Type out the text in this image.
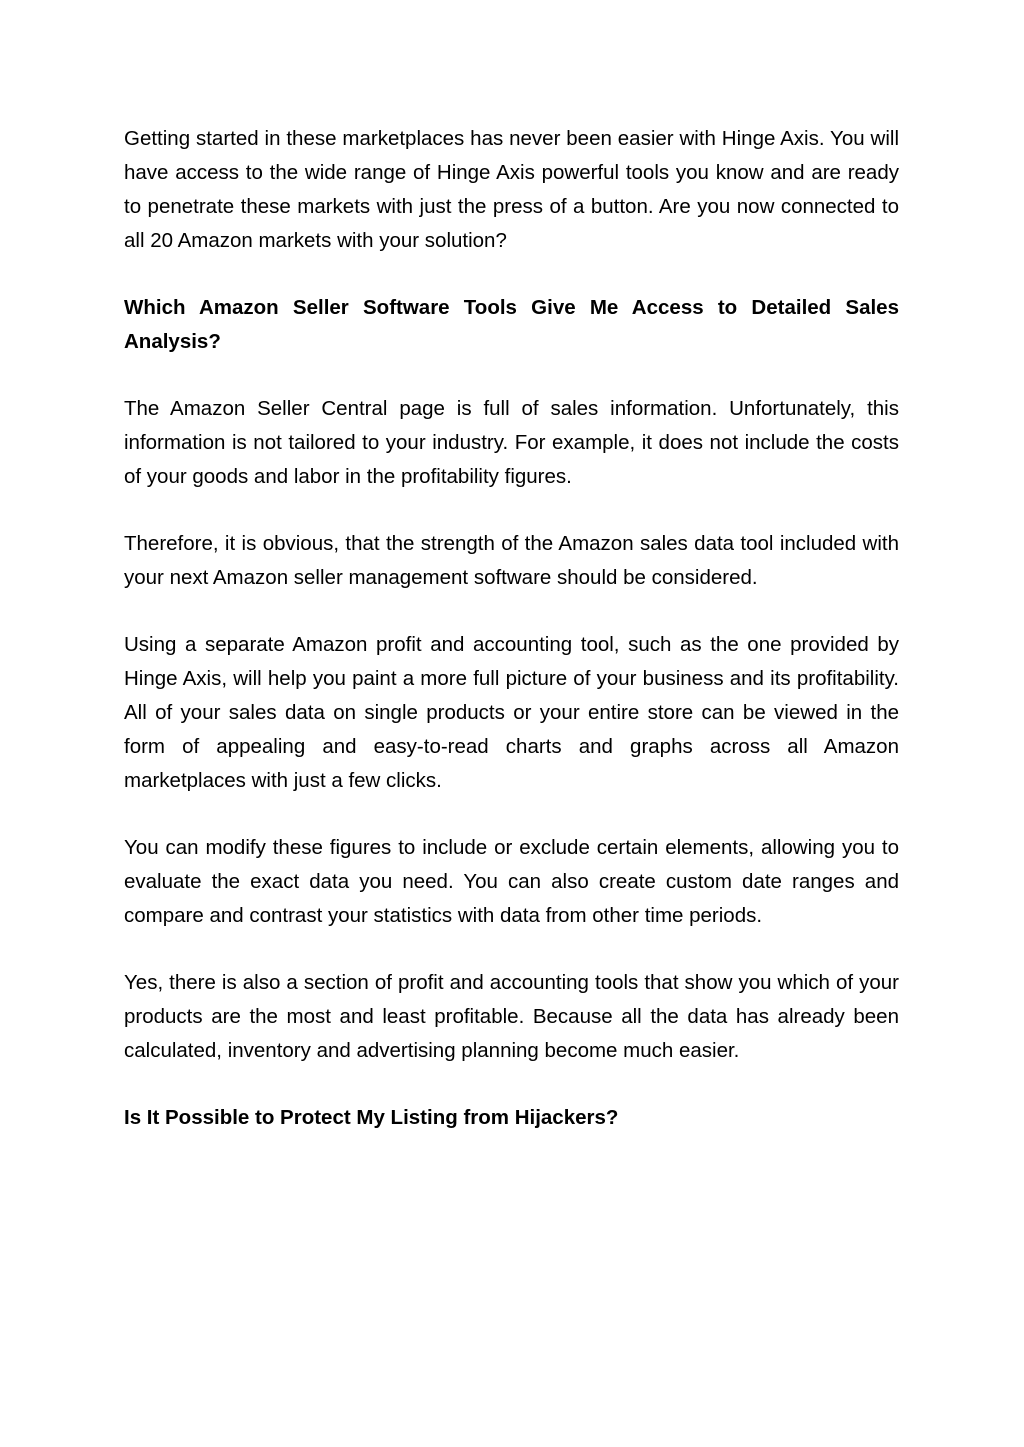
Getting started in these marketplaces has never been easier with Hinge Axis. You will have access to the wide range of Hinge Axis powerful tools you know and are ready to penetrate these markets with just the press of a button. Are you now connected to all 20 Amazon markets with your solution?

Which Amazon Seller Software Tools Give Me Access to Detailed Sales Analysis?

The Amazon Seller Central page is full of sales information. Unfortunately, this information is not tailored to your industry. For example, it does not include the costs of your goods and labor in the profitability figures.

Therefore, it is obvious, that the strength of the Amazon sales data tool included with your next Amazon seller management software should be considered.

Using a separate Amazon profit and accounting tool, such as the one provided by Hinge Axis, will help you paint a more full picture of your business and its profitability. All of your sales data on single products or your entire store can be viewed in the form of appealing and easy-to-read charts and graphs across all Amazon marketplaces with just a few clicks.

You can modify these figures to include or exclude certain elements, allowing you to evaluate the exact data you need. You can also create custom date ranges and compare and contrast your statistics with data from other time periods.

Yes, there is also a section of profit and accounting tools that show you which of your products are the most and least profitable. Because all the data has already been calculated, inventory and advertising planning become much easier.

Is It Possible to Protect My Listing from Hijackers?
